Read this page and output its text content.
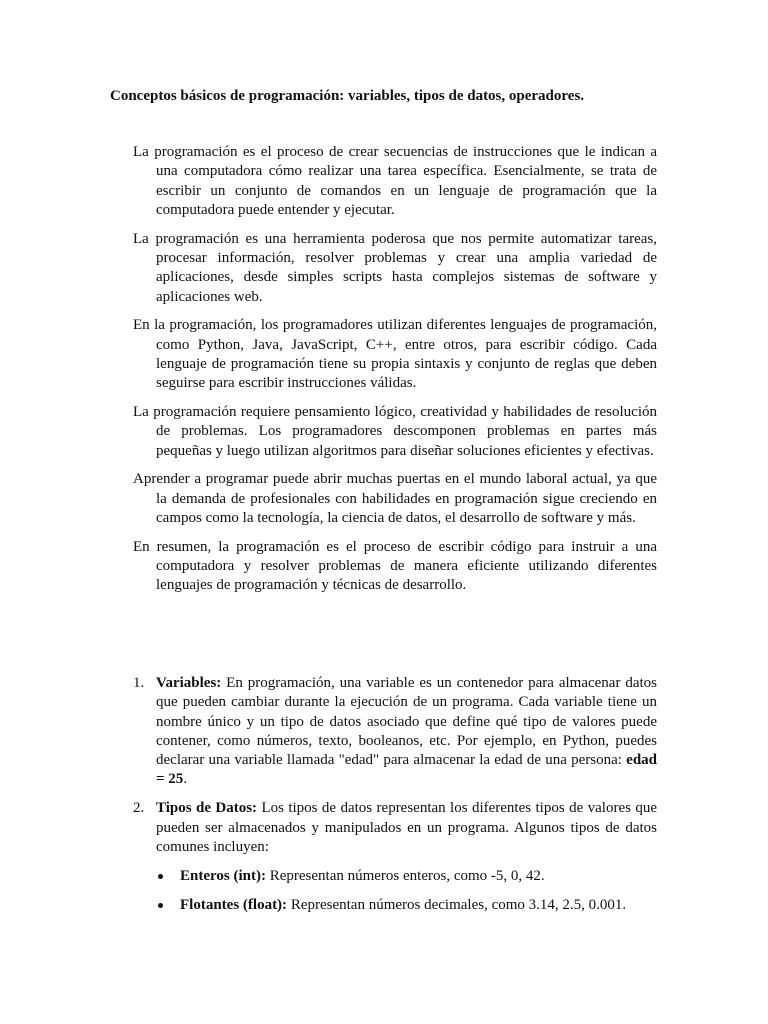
Conceptos básicos de programación: variables, tipos de datos, operadores.

La programación es el proceso de crear secuencias de instrucciones que le indican a una computadora cómo realizar una tarea específica. Esencialmente, se trata de escribir un conjunto de comandos en un lenguaje de programación que la computadora puede entender y ejecutar.

La programación es una herramienta poderosa que nos permite automatizar tareas, procesar información, resolver problemas y crear una amplia variedad de aplicaciones, desde simples scripts hasta complejos sistemas de software y aplicaciones web.

En la programación, los programadores utilizan diferentes lenguajes de programación, como Python, Java, JavaScript, C++, entre otros, para escribir código. Cada lenguaje de programación tiene su propia sintaxis y conjunto de reglas que deben seguirse para escribir instrucciones válidas.

La programación requiere pensamiento lógico, creatividad y habilidades de resolución de problemas. Los programadores descomponen problemas en partes más pequeñas y luego utilizan algoritmos para diseñar soluciones eficientes y efectivas.

Aprender a programar puede abrir muchas puertas en el mundo laboral actual, ya que la demanda de profesionales con habilidades en programación sigue creciendo en campos como la tecnología, la ciencia de datos, el desarrollo de software y más.

En resumen, la programación es el proceso de escribir código para instruir a una computadora y resolver problemas de manera eficiente utilizando diferentes lenguajes de programación y técnicas de desarrollo.

1. Variables: En programación, una variable es un contenedor para almacenar datos que pueden cambiar durante la ejecución de un programa. Cada variable tiene un nombre único y un tipo de datos asociado que define qué tipo de valores puede contener, como números, texto, booleanos, etc. Por ejemplo, en Python, puedes declarar una variable llamada "edad" para almacenar la edad de una persona: edad = 25.
2. Tipos de Datos: Los tipos de datos representan los diferentes tipos de valores que pueden ser almacenados y manipulados en un programa. Algunos tipos de datos comunes incluyen:
Enteros (int): Representan números enteros, como -5, 0, 42.
Flotantes (float): Representan números decimales, como 3.14, 2.5, 0.001.
